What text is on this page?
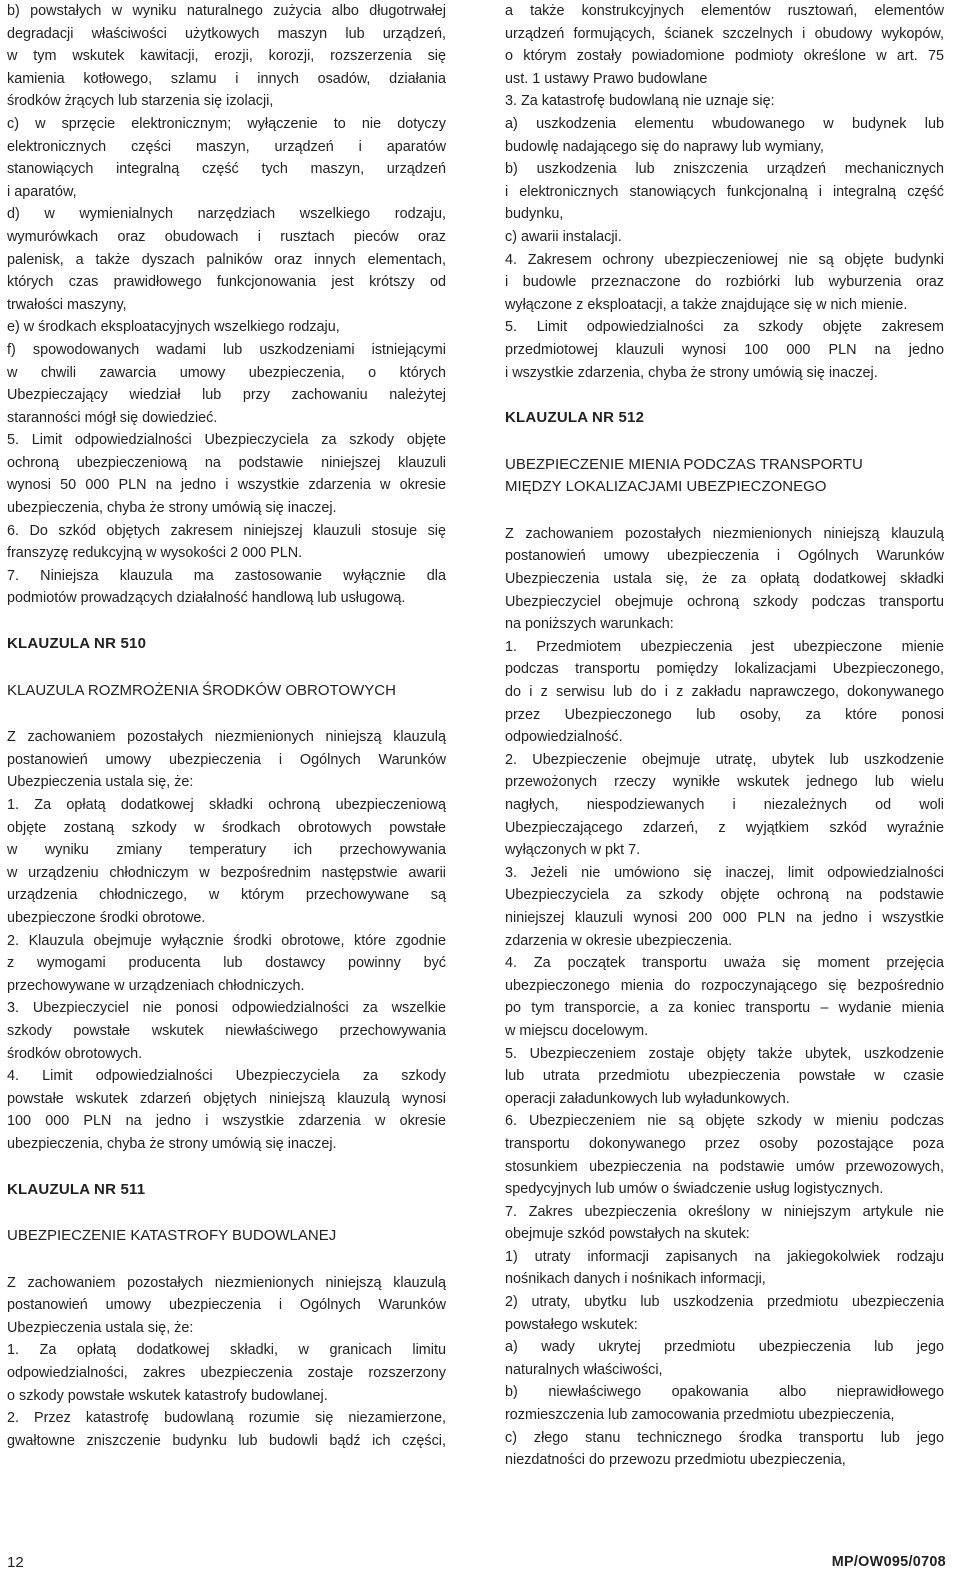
b) powstałych w wyniku naturalnego zużycia albo długotrwałej

degradacji właściwości użytkowych maszyn lub urządzeń,

w tym wskutek kawitacji, erozji, korozji, rozszerzenia się

kamienia kotłowego, szlamu i innych osadów, działania

środków żrących lub starzenia się izolacji,

c) w sprzęcie elektronicznym; wyłączenie to nie dotyczy

elektronicznych części maszyn, urządzeń i aparatów

stanowiących integralną część tych maszyn, urządzeń

i aparatów,

d) w wymienialnych narzędziach wszelkiego rodzaju,

wymurówkach oraz obudowach i rusztach pieców oraz

palenisk, a także dyszach palników oraz innych elementach,

których czas prawidłowego funkcjonowania jest krótszy od

trwałości maszyny,

e) w środkach eksploatacyjnych wszelkiego rodzaju,

f) spowodowanych wadami lub uszkodzeniami istniejącymi

w chwili zawarcia umowy ubezpieczenia, o których

Ubezpieczający wiedział lub przy zachowaniu należytej

staranności mógł się dowiedzieć.

5. Limit odpowiedzialności Ubezpieczyciela za szkody objęte

ochroną ubezpieczeniową na podstawie niniejszej klauzuli

wynosi 50 000 PLN na jedno i wszystkie zdarzenia w okresie

ubezpieczenia, chyba że strony umówią się inaczej.

6. Do szkód objętych zakresem niniejszej klauzuli stosuje się

franszyzę redukcyjną w wysokości 2 000 PLN.

7. Niniejsza klauzula ma zastosowanie wyłącznie dla

podmiotów prowadzących działalność handlową lub usługową.

KLAUZULA NR 510

KLAUZULA ROZMROŻENIA ŚRODKÓW OBROTOWYCH

Z zachowaniem pozostałych niezmienionych niniejszą klauzulą

postanowień umowy ubezpieczenia i Ogólnych Warunków

Ubezpieczenia ustala się, że:

1. Za opłatą dodatkowej składki ochroną ubezpieczeniową

objęte zostaną szkody w środkach obrotowych powstałe

w wyniku zmiany temperatury ich przechowywania

w urządzeniu chłodniczym w bezpośrednim następstwie awarii

urządzenia chłodniczego, w którym przechowywane są

ubezpieczone środki obrotowe.

2. Klauzula obejmuje wyłącznie środki obrotowe, które zgodnie

z wymogami producenta lub dostawcy powinny być

przechowywane w urządzeniach chłodniczych.

3. Ubezpieczyciel nie ponosi odpowiedzialności za wszelkie

szkody powstałe wskutek niewłaściwego przechowywania

środków obrotowych.

4. Limit odpowiedzialności Ubezpieczyciela za szkody

powstałe wskutek zdarzeń objętych niniejszą klauzulą wynosi

100 000 PLN na jedno i wszystkie zdarzenia w okresie

ubezpieczenia, chyba że strony umówią się inaczej.

KLAUZULA NR 511

UBEZPIECZENIE KATASTROFY BUDOWLANEJ

Z zachowaniem pozostałych niezmienionych niniejszą klauzulą

postanowień umowy ubezpieczenia i Ogólnych Warunków

Ubezpieczenia ustala się, że:

1. Za opłatą dodatkowej składki, w granicach limitu

odpowiedzialności, zakres ubezpieczenia zostaje rozszerzony

o szkody powstałe wskutek katastrofy budowlanej.

2. Przez katastrofę budowlaną rozumie się niezamierzone,

gwałtowne zniszczenie budynku lub budowli bądź ich części,

a także konstrukcyjnych elementów rusztowań, elementów

urządzeń formujących, ścianek szczelnych i obudowy wykopów,

o którym zostały powiadomione podmioty określone w art. 75

ust. 1 ustawy Prawo budowlane

3. Za katastrofę budowlaną nie uznaje się:

a) uszkodzenia elementu wbudowanego w budynek lub

budowlę nadającego się do naprawy lub wymiany,

b) uszkodzenia lub zniszczenia urządzeń mechanicznych

i elektronicznych stanowiących funkcjonalną i integralną część

budynku,

c) awarii instalacji.

4. Zakresem ochrony ubezpieczeniowej nie są objęte budynki

i budowle przeznaczone do rozbiórki lub wyburzenia oraz

wyłączone z eksploatacji, a także znajdujące się w nich mienie.

5. Limit odpowiedzialności za szkody objęte zakresem

przedmiotowej klauzuli wynosi 100 000 PLN na jedno

i wszystkie zdarzenia, chyba że strony umówią się inaczej.

KLAUZULA NR 512

UBEZPIECZENIE MIENIA PODCZAS TRANSPORTU

MIĘDZY LOKALIZACJAMI UBEZPIECZONEGO

Z zachowaniem pozostałych niezmienionych niniejszą klauzulą

postanowień umowy ubezpieczenia i Ogólnych Warunków

Ubezpieczenia ustala się, że za opłatą dodatkowej składki

Ubezpieczyciel obejmuje ochroną szkody podczas transportu

na poniższych warunkach:

1. Przedmiotem ubezpieczenia jest ubezpieczone mienie

podczas transportu pomiędzy lokalizacjami Ubezpieczonego,

do i z serwisu lub do i z zakładu naprawczego, dokonywanego

przez Ubezpieczonego lub osoby, za które ponosi

odpowiedzialność.

2. Ubezpieczenie obejmuje utratę, ubytek lub uszkodzenie

przewożonych rzeczy wynikłe wskutek jednego lub wielu

nagłych, niespodziewanych i niezależnych od woli

Ubezpieczającego zdarzeń, z wyjątkiem szkód wyraźnie

wyłączonych w pkt 7.

3. Jeżeli nie umówiono się inaczej, limit odpowiedzialności

Ubezpieczyciela za szkody objęte ochroną na podstawie

niniejszej klauzuli wynosi 200 000 PLN na jedno i wszystkie

zdarzenia w okresie ubezpieczenia.

4. Za początek transportu uważa się moment przejęcia

ubezpieczonego mienia do rozpoczynającego się bezpośrednio

po tym transporcie, a za koniec transportu – wydanie mienia

w miejscu docelowym.

5. Ubezpieczeniem zostaje objęty także ubytek, uszkodzenie

lub utrata przedmiotu ubezpieczenia powstałe w czasie

operacji załadunkowych lub wyładunkowych.

6. Ubezpieczeniem nie są objęte szkody w mieniu podczas

transportu dokonywanego przez osoby pozostające poza

stosunkiem ubezpieczenia na podstawie umów przewozowych,

spedycyjnych lub umów o świadczenie usług logistycznych.

7. Zakres ubezpieczenia określony w niniejszym artykule nie

obejmuje szkód powstałych na skutek:

1) utraty informacji zapisanych na jakiegokolwiek rodzaju

nośnikach danych i nośnikach informacji,

2) utraty, ubytku lub uszkodzenia przedmiotu ubezpieczenia

powstałego wskutek:

a) wady ukrytej przedmiotu ubezpieczenia lub jego

naturalnych właściwości,

b) niewłaściwego opakowania albo nieprawidłowego

rozmieszczenia lub zamocowania przedmiotu ubezpieczenia,

c) złego stanu technicznego środka transportu lub jego

niezdatności do przewozu przedmiotu ubezpieczenia,

12	MP/OW095/0708
